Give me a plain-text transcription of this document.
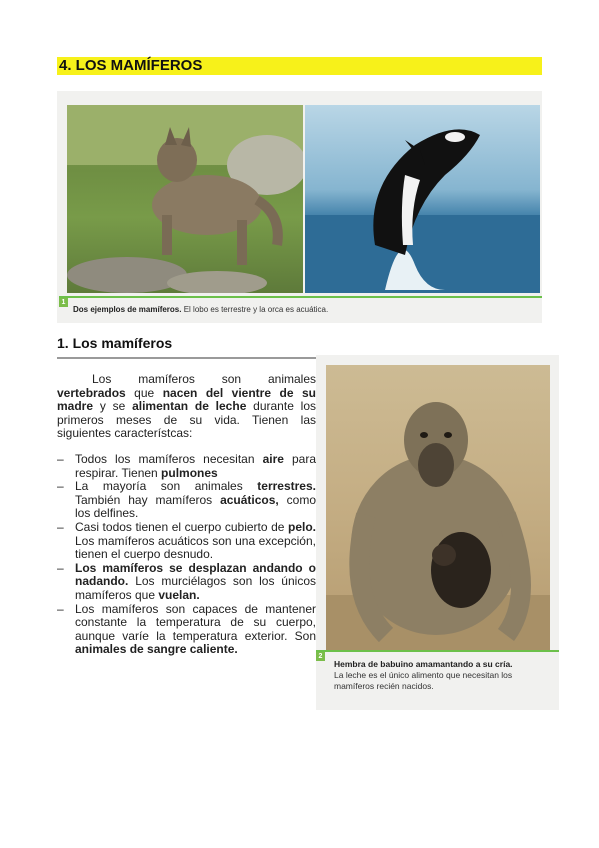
4. LOS MAMÍFEROS
1
Dos ejemplos de mamíferos. El lobo es terrestre y la orca es acuática.
1. Los mamíferos

Los mamíferos son animales vertebrados que nacen del vientre de su madre y se alimentan de leche durante los primeros meses de su vida. Tienen las siguientes característcas:

– Todos los mamíferos necesitan aire para respirar. Tienen pulmones
– La mayoría son animales terrestres. También hay mamíferos acuáticos, como los delfines.
– Casi todos tienen el cuerpo cubierto de pelo. Los mamíferos acuáticos son una excepción, tienen el cuerpo desnudo.
– Los mamíferos se desplazan andando o nadando. Los murciélagos son los únicos mamíferos que vuelan.
– Los mamíferos son capaces de mantener constante la temperatura de su cuerpo, aunque varíe la temperatura exterior. Son animales de sangre caliente.
2
Hembra de babuino amamantando a su cría.
La leche es el único alimento que necesitan los mamíferos recién nacidos.
